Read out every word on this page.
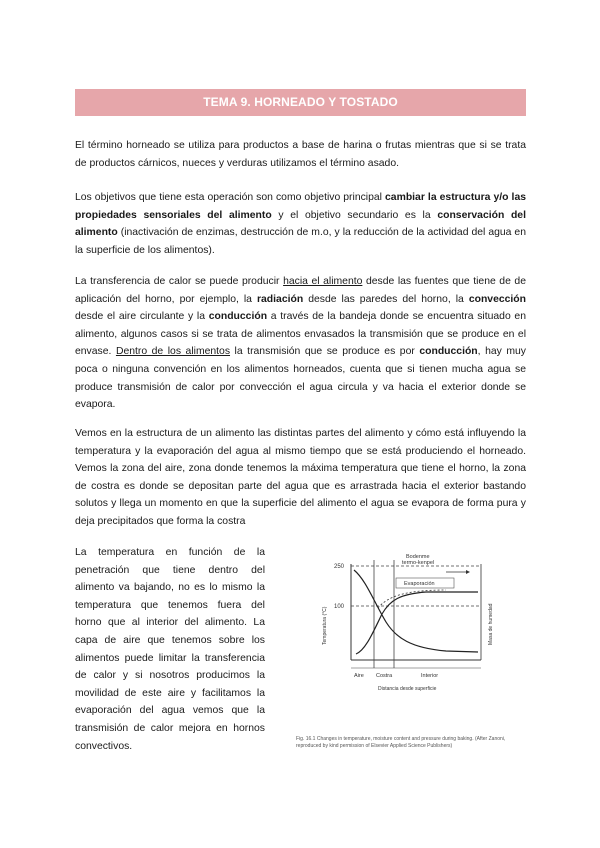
TEMA 9. HORNEADO Y TOSTADO

El término horneado se utiliza para productos a base de harina o frutas mientras que si se trata de productos cárnicos, nueces y verduras utilizamos el término asado.

Los objetivos que tiene esta operación son como objetivo principal cambiar la estructura y/o las propiedades sensoriales del alimento y el objetivo secundario es la conservación del alimento (inactivación de enzimas, destrucción de m.o, y la reducción de la actividad del agua en la superficie de los alimentos).

La transferencia de calor se puede producir hacia el alimento desde las fuentes que tiene de de aplicación del horno, por ejemplo, la radiación desde las paredes del horno, la convección desde el aire circulante y la conducción a través de la bandeja donde se encuentra situado en alimento, algunos casos si se trata de alimentos envasados la transmisión que se produce en el envase. Dentro de los alimentos la transmisión que se produce es por conducción, hay muy poca o ninguna convención en los alimentos horneados, cuenta que si tienen mucha agua se produce transmisión de calor por convección el agua circula y va hacia el exterior donde se evapora.

Vemos en la estructura de un alimento las distintas partes del alimento y cómo está influyendo la temperatura y la evaporación del agua al mismo tiempo que se está produciendo el horneado. Vemos la zona del aire, zona donde tenemos la máxima temperatura que tiene el horno, la zona de costra es donde se depositan parte del agua que es arrastrada hacia el exterior bastando solutos y llega un momento en que la superficie del alimento el agua se evapora de forma pura y deja precipitados que forma la costra

La temperatura en función de la penetración que tiene dentro del alimento va bajando, no es lo mismo la temperatura que tenemos fuera del horno que al interior del alimento. La capa de aire que tenemos sobre los alimentos puede limitar la transferencia de calor y si nosotros producimos la movilidad de este aire y facilitamos la evaporación del agua vemos que la transmisión de calor mejora en hornos convectivos.

250
100
Bodenme
termo-kenpel
Evaporación
Temperatura (°C)	Masa de humedad
Aire Costra	Interior
Distancia desde superficie
Fig. 16.1 Changes in temperature, moisture content and pressure during baking. (After Zanoni, reproduced by kind permission of Elsevier Applied Science Publishers)
